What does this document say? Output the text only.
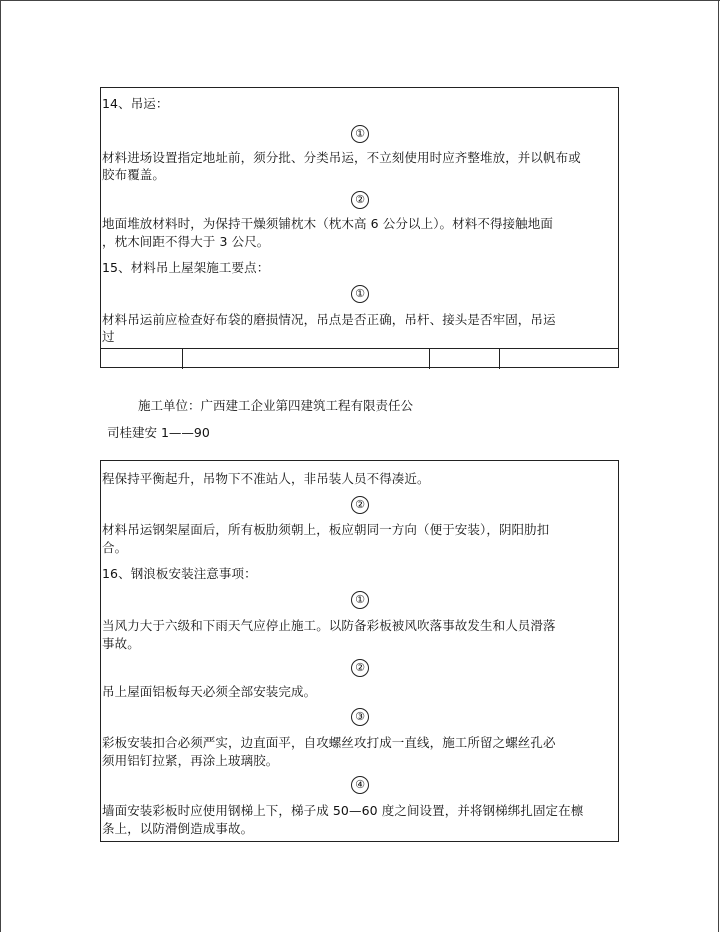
14、吊运：
①
材料进场设置指定地址前，须分批、分类吊运，不立刻使用时应齐整堆放，并以帆布或
胶布覆盖。
②
地面堆放材料时，为保持干燥须铺枕木（枕木高 6 公分以上）。材料不得接触地面
，枕木间距不得大于 3 公尺。
15、材料吊上屋架施工要点：
①
材料吊运前应检查好布袋的磨损情况，吊点是否正确，吊杆、接头是否牢固，吊运
过
施工单位：广西建工企业第四建筑工程有限责任公
司桂建安 1——90
程保持平衡起升，吊物下不准站人，非吊装人员不得凑近。
②
材料吊运钢架屋面后，所有板肋须朝上，板应朝同一方向（便于安装），阴阳肋扣
合。
16、钢浪板安装注意事项：
①
当风力大于六级和下雨天气应停止施工。以防备彩板被风吹落事故发生和人员滑落
事故。
②
吊上屋面铝板每天必须全部安装完成。
③
彩板安装扣合必须严实，边直面平，自攻螺丝攻打成一直线，施工所留之螺丝孔必
须用铝钉拉紧，再涂上玻璃胶。
④
墙面安装彩板时应使用钢梯上下，梯子成 50—60 度之间设置，并将钢梯绑扎固定在檩
条上，以防滑倒造成事故。
